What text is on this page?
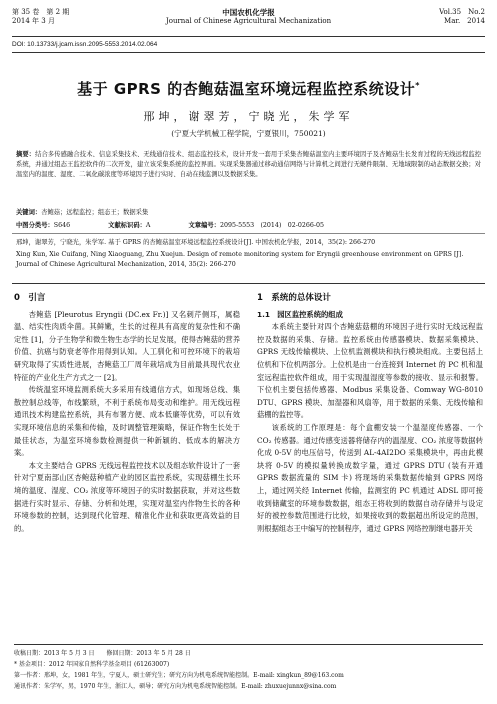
第 35 卷　第 2 期
2014 年 3 月
中国农机化学报
Journal of Chinese Agricultural Mechanization
Vol.35　No.2
Mar.　2014
DOI: 10.13733/j.jcam.issn.2095-5553.2014.02.064
基于 GPRS 的杏鲍菇温室环境远程监控系统设计*
邢坤，谢翠芳，宁晓光，朱学军
(宁夏大学机械工程学院，宁夏银川，750021)
摘要：结合多传感融合技术、信息采集技术、无线通信技术、组态监控技术，设计开发一套用于采集杏鲍菇温室内主要环境因子及杏鲍菇生长发育过程的无线远程监控系统，并通过组态王监控软件的二次开发，建立该采集系统的监控界面。实现采集器通过移动通信网络与计算机之间进行无硬件限制、无地域限制的动态数据交换；对温室内的温度、湿度、二氧化碳浓度等环境因子进行实时、自动在线监测以及数据采集。
关键词：杏鲍菇；远程监控；组态王；数据采集
中图分类号：S646	文献标识码：A	文章编号：2095-5553　(2014)　02-0266-05
邢坤，谢翠芳，宁晓光，朱学军. 基于 GPRS 的杏鲍菇温室环境远程监控系统设计[J]. 中国农机化学报，2014，35(2): 266-270
Xing Kun, Xie Cuifang, Ning Xiaoguang, Zhu Xuejun. Design of remote monitoring system for Eryngii greenhouse environment on GPRS [J]. Journal of Chinese Agricultural Mechanization, 2014, 35(2): 266-270
0　引言

杏鲍菇 [Pleurotus Eryngii (DC.ex Fr.)] 又名刺芹侧耳，属稳温、结实性肉质伞菌。其鲜嫩，生长的过程具有高度的复杂性和不确定性 [1]，分子生物学和微生物生态学的长足发展，使得杏鲍菇的营养价值、抗癌与防衰老等作用得到认知。人工驯化和可控环境下的栽培研究取得了实质性进展，杏鲍菇工厂周年栽培成为目前最具现代农业特征的产业化生产方式之一 [2]。

传统温室环境监测系统大多采用有线通信方式，如现场总线、集散控制总线等，布线繁琐，不利于系统布局变动和维护。用无线远程通讯技术构建监控系统，具有布署方便、成本低廉等优势，可以有效实现环境信息的采集和传输，及时调整管理策略，保证作物生长处于最佳状态，为温室环境参数检测提供一种新颖的、低成本的解决方案。

本文主要结合 GPRS 无线远程监控技术以及组态软件设计了一套针对宁夏南部山区杏鲍菇种植产业的园区监控系统，实现菇棚生长环境的温度、湿度、CO₂ 浓度等环境因子的实时数据获取，并对这些数据进行实时显示、存储、分析和处理，实现对温室内作物生长的各种环境参数的控制，达到现代化管理、精准化作业和获取更高效益的目的。

1　系统的总体设计
1.1　园区监控系统的组成

本系统主要针对四个杏鲍菇菇棚的环境因子进行实时无线远程监控及数据的采集、存储。监控系统由传感器模块、数据采集模块、GPRS 无线传输模块、上位机监测模块和执行模块组成。主要包括上位机和下位机两部分。上位机是由一台连接到 Internet 的 PC 机和温室远程监控软件组成，用于实现温湿度等参数的接收、显示和报警。下位机主要包括传感器、Modbus 采集设备、Comway WG-8010 DTU、GPRS 模块、加湿器和风扇等，用于数据的采集、无线传输和菇棚的监控等。

该系统的工作原理是：每个盒棚安装一个温湿度传感器、一个 CO₂ 传感器。通过传感变送器将储存内的温湿度、CO₂ 浓度等数据转化成 0-5V 的电压信号，传送到 AL-4AI2DO 采集模块中，再由此模块将 0-5V 的模拟量转换成数字量，通过 GPRS DTU (装有开通 GPRS 数据流量的 SIM 卡) 将现场的采集数据传输到 GPRS 网络上，通过网关经 Internet 传输，监测室的 PC 机通过 ADSL 即可接收到储藏室的环境参数数据，组态王将收到的数据自动存储并与设定好的被控参数范围进行比较，如果接收到的数据超出所设定的范围，则根据组态王中编写的控制程序，通过 GPRS 网络控制继电器开关

收稿日期：2013 年 5 月 3 日　　修回日期：2013 年 5 月 28 日
* 基金项目：2012 年国家自然科学基金项目 (61263007)
第一作者：邢坤，女，1981 年生，宁夏人，硕士研究生；研究方向为机电系统智能控制。E-mail: xingkun_89@163.com
通讯作者：朱学军，男，1970 年生，浙江人，硕导；研究方向为机电系统智能控制。E-mail: zhuxuejunnx@sina.com
